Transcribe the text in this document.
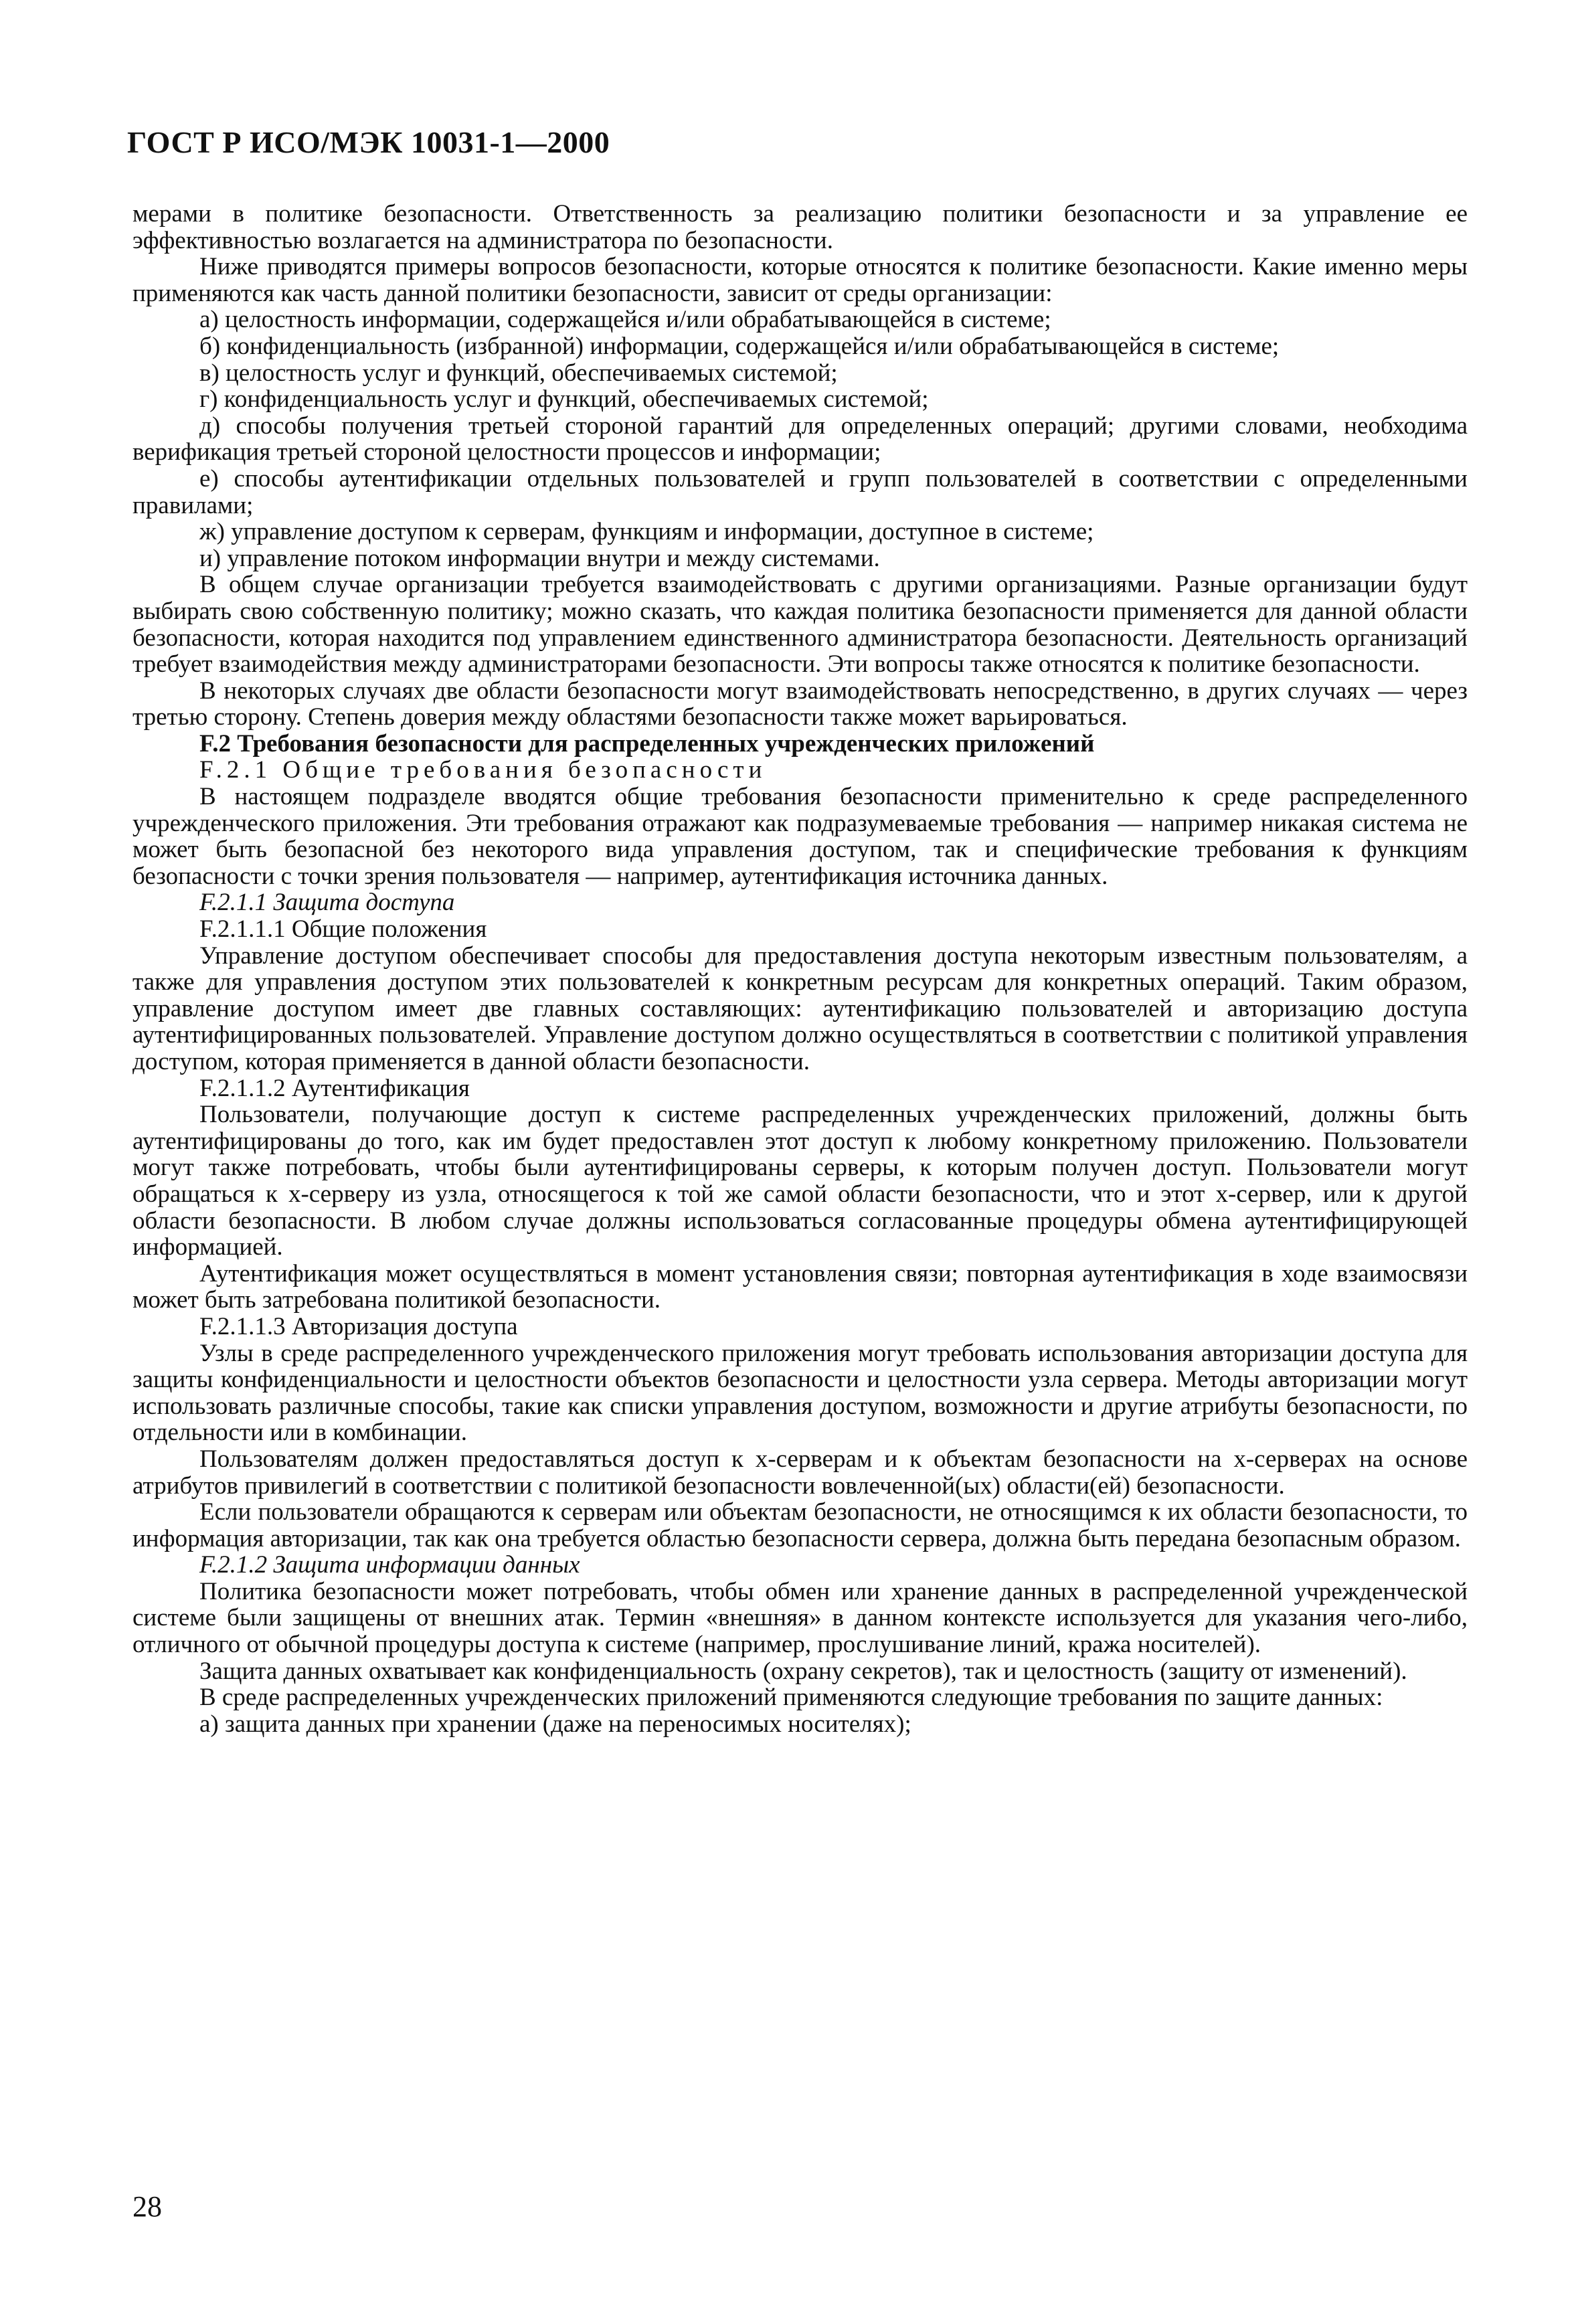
ГОСТ Р ИСО/МЭК 10031-1—2000

мерами в политике безопасности. Ответственность за реализацию политики безопасности и за управление ее эффективностью возлагается на администратора по безопасности.

Ниже приводятся примеры вопросов безопасности, которые относятся к политике безопасности. Какие именно меры применяются как часть данной политики безопасности, зависит от среды организации:

а) целостность информации, содержащейся и/или обрабатывающейся в системе;

б) конфиденциальность (избранной) информации, содержащейся и/или обрабатывающейся в системе;

в) целостность услуг и функций, обеспечиваемых системой;

г) конфиденциальность услуг и функций, обеспечиваемых системой;

д) способы получения третьей стороной гарантий для определенных операций; другими словами, необходима верификация третьей стороной целостности процессов и информации;

е) способы аутентификации отдельных пользователей и групп пользователей в соответствии с определенными правилами;

ж) управление доступом к серверам, функциям и информации, доступное в системе;

и) управление потоком информации внутри и между системами.

В общем случае организации требуется взаимодействовать с другими организациями. Разные организации будут выбирать свою собственную политику; можно сказать, что каждая политика безопасности применяется для данной области безопасности, которая находится под управлением единственного администратора безопасности. Деятельность организаций требует взаимодействия между администраторами безопасности. Эти вопросы также относятся к политике безопасности.

В некоторых случаях две области безопасности могут взаимодействовать непосредственно, в других случаях — через третью сторону. Степень доверия между областями безопасности также может варьироваться.

F.2 Требования безопасности для распределенных учрежденческих приложений

F.2.1 Общие требования безопасности

В настоящем подразделе вводятся общие требования безопасности применительно к среде распределенного учрежденческого приложения. Эти требования отражают как подразумеваемые требования — например никакая система не может быть безопасной без некоторого вида управления доступом, так и специфические требования к функциям безопасности с точки зрения пользователя — например, аутентификация источника данных.

F.2.1.1 Защита доступа

F.2.1.1.1 Общие положения

Управление доступом обеспечивает способы для предоставления доступа некоторым известным пользователям, а также для управления доступом этих пользователей к конкретным ресурсам для конкретных операций. Таким образом, управление доступом имеет две главных составляющих: аутентификацию пользователей и авторизацию доступа аутентифицированных пользователей. Управление доступом должно осуществляться в соответствии с политикой управления доступом, которая применяется в данной области безопасности.

F.2.1.1.2 Аутентификация

Пользователи, получающие доступ к системе распределенных учрежденческих приложений, должны быть аутентифицированы до того, как им будет предоставлен этот доступ к любому конкретному приложению. Пользователи могут также потребовать, чтобы были аутентифицированы серверы, к которым получен доступ. Пользователи могут обращаться к x-серверу из узла, относящегося к той же самой области безопасности, что и этот x-сервер, или к другой области безопасности. В любом случае должны использоваться согласованные процедуры обмена аутентифицирующей информацией.

Аутентификация может осуществляться в момент установления связи; повторная аутентификация в ходе взаимосвязи может быть затребована политикой безопасности.

F.2.1.1.3 Авторизация доступа

Узлы в среде распределенного учрежденческого приложения могут требовать использования авторизации доступа для защиты конфиденциальности и целостности объектов безопасности и целостности узла сервера. Методы авторизации могут использовать различные способы, такие как списки управления доступом, возможности и другие атрибуты безопасности, по отдельности или в комбинации.

Пользователям должен предоставляться доступ к x-серверам и к объектам безопасности на x-серверах на основе атрибутов привилегий в соответствии с политикой безопасности вовлеченной(ых) области(ей) безопасности.

Если пользователи обращаются к серверам или объектам безопасности, не относящимся к их области безопасности, то информация авторизации, так как она требуется областью безопасности сервера, должна быть передана безопасным образом.

F.2.1.2 Защита информации данных

Политика безопасности может потребовать, чтобы обмен или хранение данных в распределенной учрежденческой системе были защищены от внешних атак. Термин «внешняя» в данном контексте используется для указания чего-либо, отличного от обычной процедуры доступа к системе (например, прослушивание линий, кража носителей).

Защита данных охватывает как конфиденциальность (охрану секретов), так и целостность (защиту от изменений).

В среде распределенных учрежденческих приложений применяются следующие требования по защите данных:

а) защита данных при хранении (даже на переносимых носителях);

28
